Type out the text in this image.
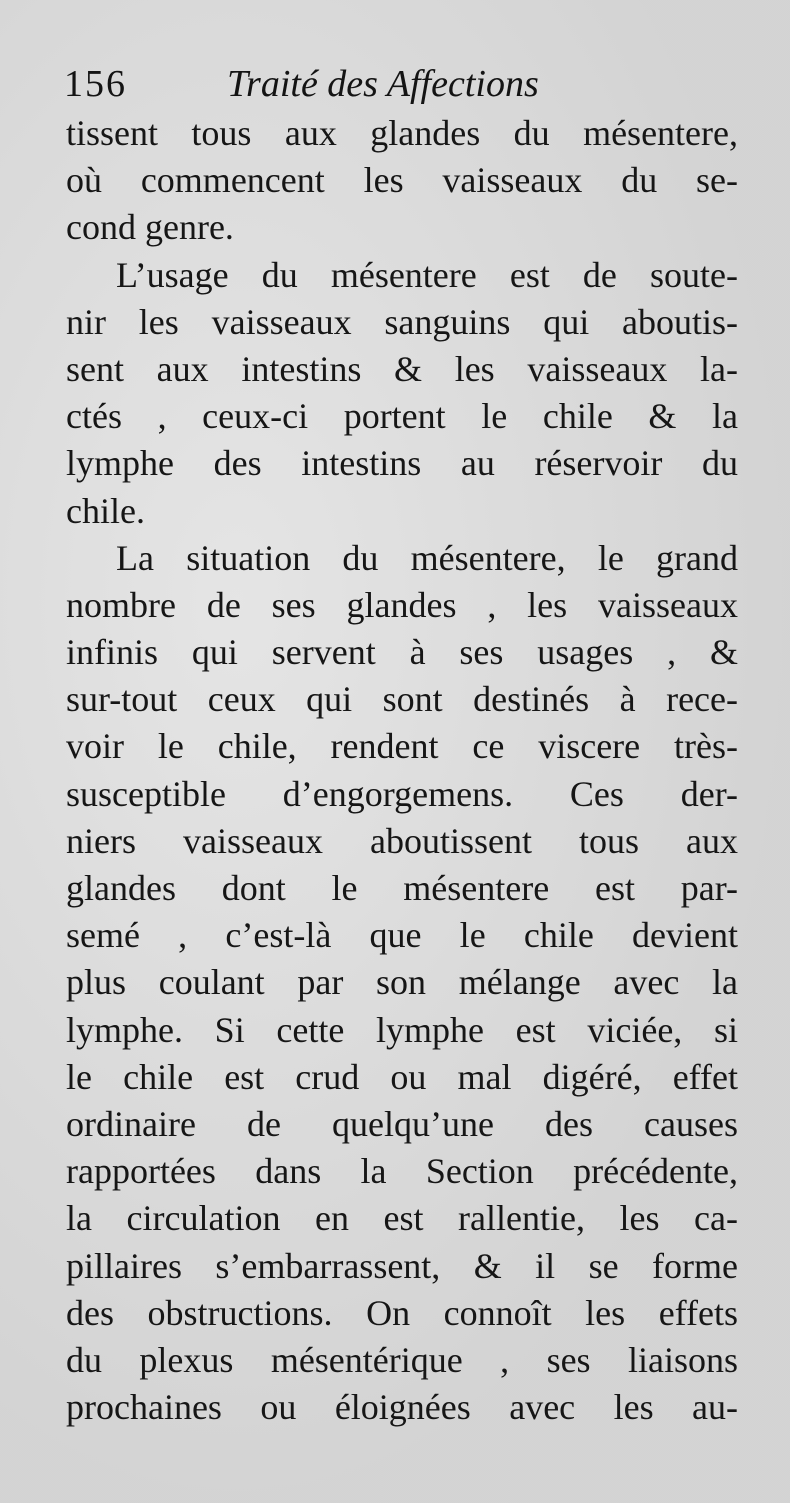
156	Traité des Affections
tissent tous aux glandes du mésentere,
où commencent les vaisseaux du se-
cond genre.
L’usage du mésentere est de soute-
nir les vaisseaux sanguins qui aboutis-
sent aux intestins & les vaisseaux la-
ctés , ceux-ci portent le chile & la
lymphe des intestins au réservoir du
chile.
La situation du mésentere, le grand
nombre de ses glandes , les vaisseaux
infinis qui servent à ses usages , &
sur-tout ceux qui sont destinés à rece-
voir le chile, rendent ce viscere très-
susceptible d’engorgemens. Ces der-
niers vaisseaux aboutissent tous aux
glandes dont le mésentere est par-
semé , c’est-là que le chile devient
plus coulant par son mélange avec la
lymphe. Si cette lymphe est viciée, si
le chile est crud ou mal digéré, effet
ordinaire de quelqu’une des causes
rapportées dans la Section précédente,
la circulation en est rallentie, les ca-
pillaires s’embarrassent, & il se forme
des obstructions. On connoît les effets
du plexus mésentérique , ses liaisons
prochaines ou éloignées avec les au-
